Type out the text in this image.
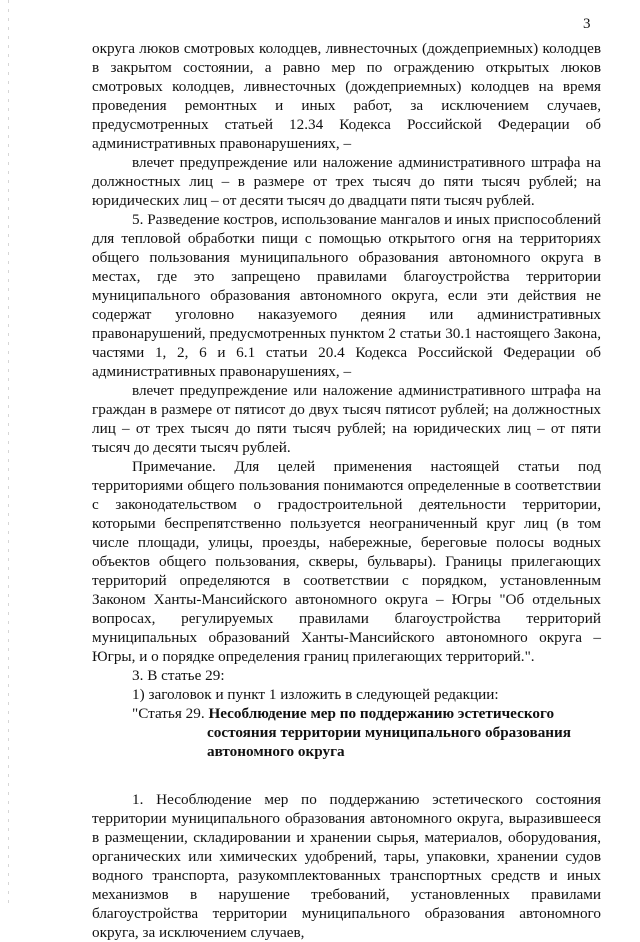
3

округа люков смотровых колодцев, ливнесточных (дождеприемных) колодцев в закрытом состоянии, а равно мер по ограждению открытых люков смотровых колодцев, ливнесточных (дождеприемных) колодцев на время проведения ремонтных и иных работ, за исключением случаев, предусмотренных статьей 12.34 Кодекса Российской Федерации об административных правонарушениях, –

влечет предупреждение или наложение административного штрафа на должностных лиц – в размере от трех тысяч до пяти тысяч рублей; на юридических лиц – от десяти тысяч до двадцати пяти тысяч рублей.

5. Разведение костров, использование мангалов и иных приспособлений для тепловой обработки пищи с помощью открытого огня на территориях общего пользования муниципального образования автономного округа в местах, где это запрещено правилами благоустройства территории муниципального образования автономного округа, если эти действия не содержат уголовно наказуемого деяния или административных правонарушений, предусмотренных пунктом 2 статьи 30.1 настоящего Закона, частями 1, 2, 6 и 6.1 статьи 20.4 Кодекса Российской Федерации об административных правонарушениях, –

влечет предупреждение или наложение административного штрафа на граждан в размере от пятисот до двух тысяч пятисот рублей; на должностных лиц – от трех тысяч до пяти тысяч рублей; на юридических лиц – от пяти тысяч до десяти тысяч рублей.

Примечание. Для целей применения настоящей статьи под территориями общего пользования понимаются определенные в соответствии с законодательством о градостроительной деятельности территории, которыми беспрепятственно пользуется неограниченный круг лиц (в том числе площади, улицы, проезды, набережные, береговые полосы водных объектов общего пользования, скверы, бульвары). Границы прилегающих территорий определяются в соответствии с порядком, установленным Законом Ханты-Мансийского автономного округа – Югры "Об отдельных вопросах, регулируемых правилами благоустройства территорий муниципальных образований Ханты-Мансийского автономного округа – Югры, и о порядке определения границ прилегающих территорий.".

3. В статье 29:

1) заголовок и пункт 1 изложить в следующей редакции:

"Статья 29. Несоблюдение мер по поддержанию эстетического

состояния территории муниципального образования

автономного округа

1. Несоблюдение мер по поддержанию эстетического состояния территории муниципального образования автономного округа, выразившееся в размещении, складировании и хранении сырья, материалов, оборудования, органических или химических удобрений, тары, упаковки, хранении судов водного транспорта, разукомплектованных транспортных средств и иных механизмов в нарушение требований, установленных правилами благоустройства территории муниципального образования автономного округа, за исключением случаев,
